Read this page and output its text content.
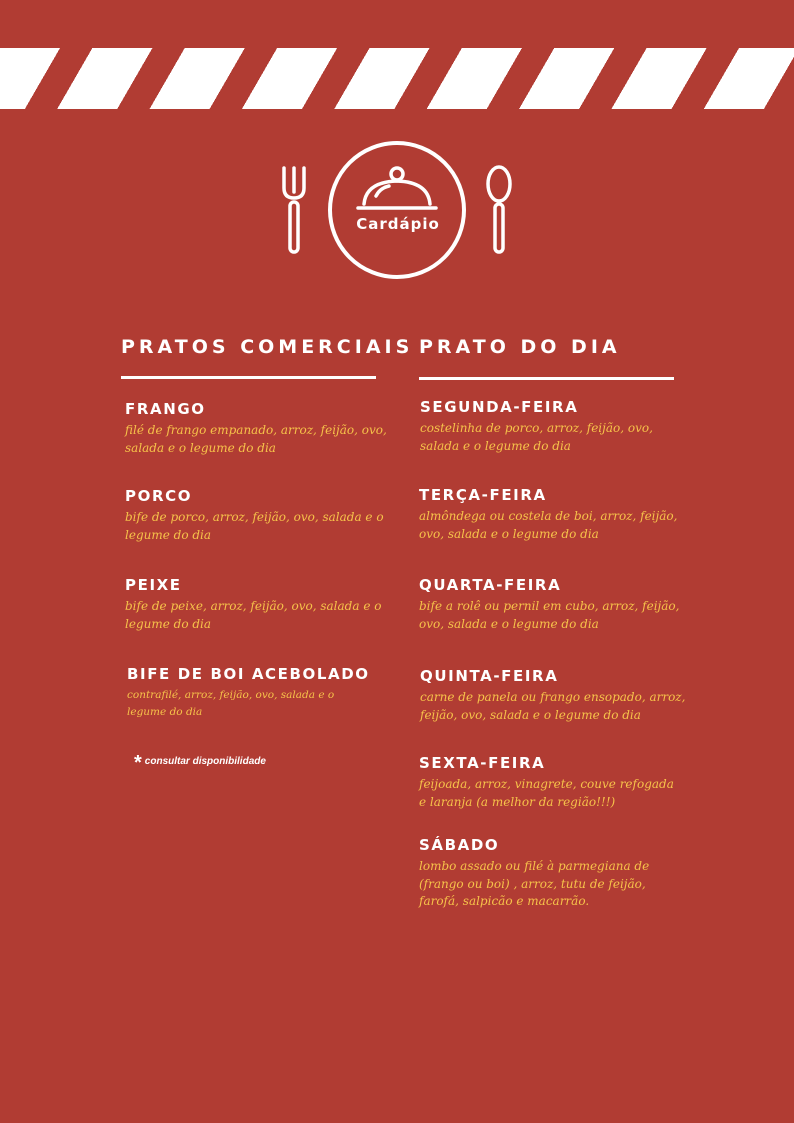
Cardápio
PRATOS COMERCIAIS

FRANGO

filé de frango empanado, arroz, feijão, ovo, salada e o legume do dia

PORCO

bife de porco, arroz, feijão, ovo, salada e o legume do dia

PEIXE

bife de peixe, arroz, feijão, ovo, salada e o legume do dia

BIFE DE BOI ACEBOLADO

contrafilé, arroz, feijão, ovo, salada e o legume do dia

* consultar disponibilidade
PRATO DO DIA

SEGUNDA-FEIRA

costelinha de porco, arroz, feijão, ovo, salada e o legume do dia

TERÇA-FEIRA

almôndega ou costela de boi, arroz, feijão, ovo, salada e o legume do dia

QUARTA-FEIRA

bife a rolê ou pernil em cubo, arroz, feijão, ovo, salada e o legume do dia

QUINTA-FEIRA

carne de panela ou frango ensopado, arroz, feijão, ovo, salada e o legume do dia

SEXTA-FEIRA

feijoada, arroz, vinagrete, couve refogada e laranja (a melhor da região!!!)

SÁBADO

lombo assado ou filé à parmegiana de (frango ou boi) , arroz, tutu de feijão, farofá, salpicão e macarrão.
